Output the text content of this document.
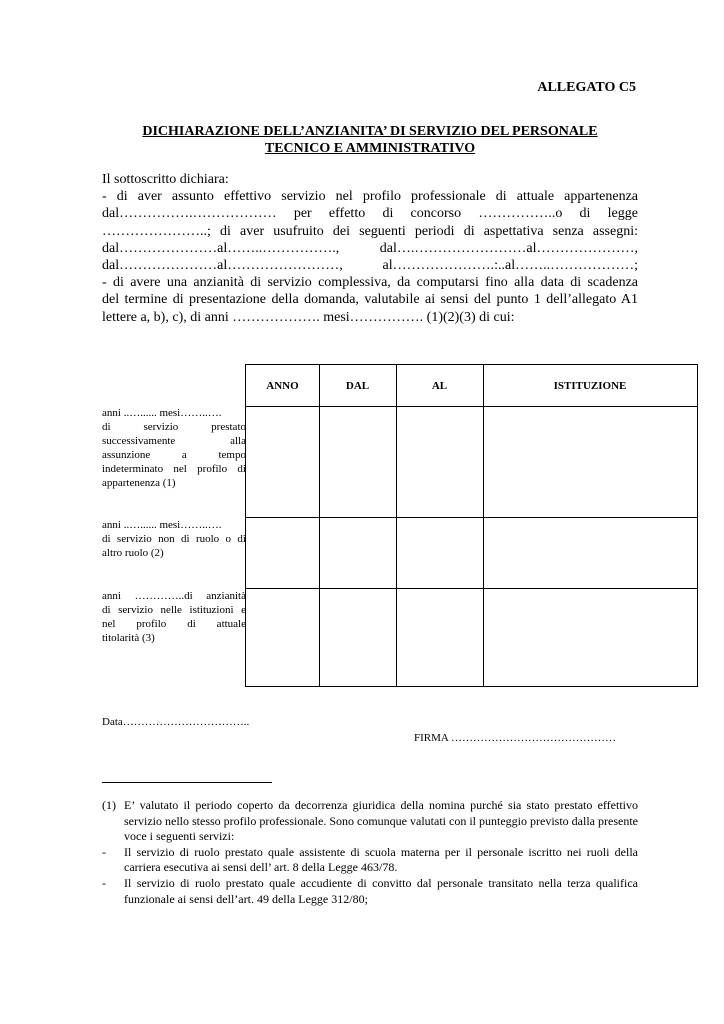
ALLEGATO C5
DICHIARAZIONE DELL’ANZIANITA’ DI SERVIZIO DEL PERSONALE
TECNICO E AMMINISTRATIVO
Il sottoscritto dichiara:
- di aver assunto effettivo servizio nel profilo professionale di attuale appartenenza
dal…………….……………… per effetto di concorso ……………..o di legge
…………………..; di aver usufruito dei seguenti periodi di aspettativa senza assegni:
dal…………………al……..……………., dal….……………………al…………………,
dal…………………al……………………, al………………….:..al……..………………;
- di avere una anzianità di servizio complessiva, da computarsi fino alla data di scadenza
del termine di presentazione della domanda, valutabile ai sensi del punto 1 dell’allegato A1
lettere a, b), c), di anni ………………. mesi……………. (1)(2)(3) di cui:
ANNO	DAL	AL	ISTITUZIONE
anni ..…...... mesi……..….
di servizio prestato
successivamente alla
assunzione a tempo
indeterminato nel profilo di
appartenenza (1)
anni ..…...... mesi……..….
di servizio non di ruolo o di
altro ruolo (2)
anni …………..di anzianità
di servizio nelle istituzioni e
nel profilo di attuale
titolarità (3)
Data……………………………..
FIRMA ………………………………………
(1) E’ valutato il periodo coperto da decorrenza giuridica della nomina purché sia stato prestato effettivo servizio nello stesso profilo professionale. Sono comunque valutati con il punteggio previsto dalla presente voce i seguenti servizi:
-	Il servizio di ruolo prestato quale assistente di scuola materna per il personale iscritto nei ruoli della carriera esecutiva ai sensi dell’ art. 8 della Legge 463/78.
-	Il servizio di ruolo prestato quale accudiente di convitto dal personale transitato nella terza qualifica funzionale ai sensi dell’art. 49 della Legge 312/80;
